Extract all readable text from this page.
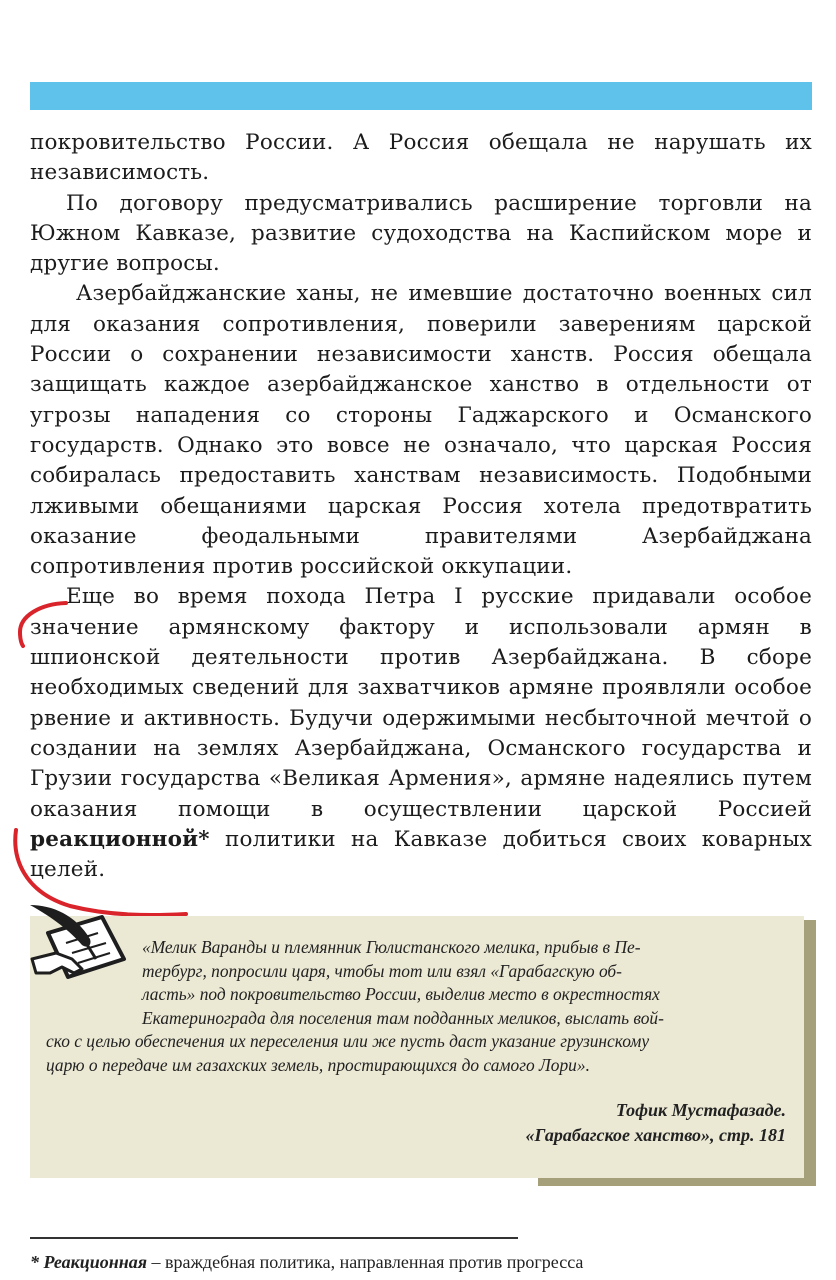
покровительство России. А Россия обещала не нарушать их независимость.

По договору предусматривались расширение торговли на Южном Кавказе, развитие судоходства на Каспийском море и другие вопросы.

Азербайджанские ханы, не имевшие достаточно военных сил для оказания сопротивления, поверили заверениям царской России о сохранении независимости ханств. Россия обещала защищать каждое азербайджанское ханство в отдельности от угрозы нападения со стороны Гаджарского и Османского государств. Однако это вовсе не означало, что царская Россия собиралась предоставить ханствам независимость. Подобными лживыми обещаниями царская Россия хотела предотвратить оказание феодальными правителями Азербайджана сопротивления против российской оккупации.

Еще во время похода Петра I русские придавали особое значение армянскому фактору и использовали армян в шпионской деятельности против Азербайджана. В сборе необходимых сведений для захватчиков армяне проявляли особое рвение и активность. Будучи одержимыми несбыточной мечтой о создании на землях Азербайджана, Османского государства и Грузии государства «Великая Армения», армяне надеялись путем оказания помощи в осуществлении царской Россией реакционной* политики на Кавказе добиться своих коварных целей.

«Мелик Варанды и племянник Гюлистанского мелика, прибыв в Пе-
тербург, попросили царя, чтобы тот или взял «Гарабагскую об-
ласть» под покровительство России, выделив место в окрестностях
Екатеринограда для поселения там подданных меликов, выслать вой-
ско с целью обеспечения их переселения или же пусть даст указание грузинскому
царю о передаче им газахских земель, простирающихся до самого Лори».
Тофик Мустафазаде.
«Гарабагское ханство», стр. 181
* Реакционная – враждебная политика, направленная против прогресса
